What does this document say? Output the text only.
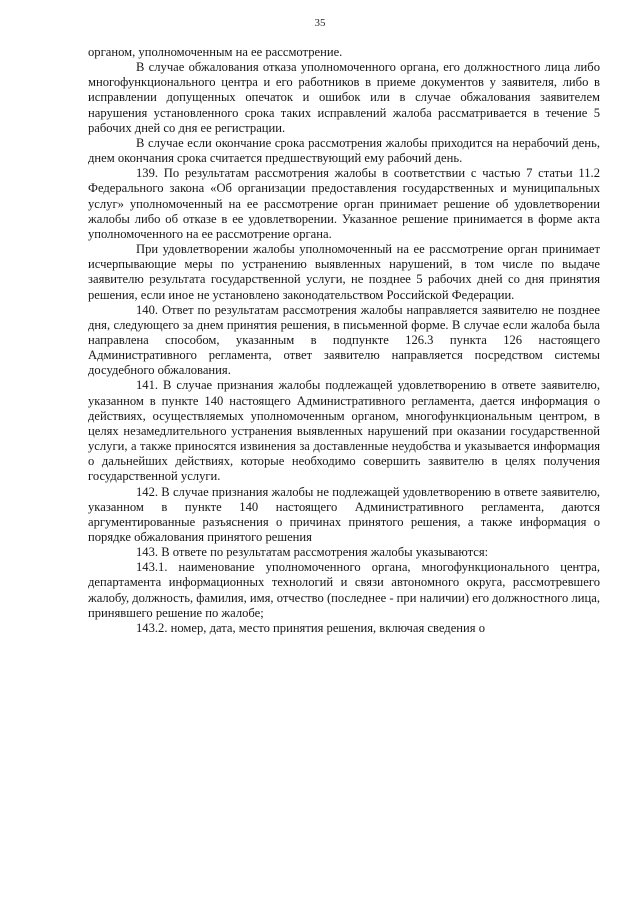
35

органом, уполномоченным на ее рассмотрение.

В случае обжалования отказа уполномоченного органа, его должностного лица либо многофункционального центра и его работников в приеме документов у заявителя, либо в исправлении допущенных опечаток и ошибок или в случае обжалования заявителем нарушения установленного срока таких исправлений жалоба рассматривается в течение 5 рабочих дней со дня ее регистрации.

В случае если окончание срока рассмотрения жалобы приходится на нерабочий день, днем окончания срока считается предшествующий ему рабочий день.

139. По результатам рассмотрения жалобы в соответствии с частью 7 статьи 11.2 Федерального закона «Об организации предоставления государственных и муниципальных услуг» уполномоченный на ее рассмотрение орган принимает решение об удовлетворении жалобы либо об отказе в ее удовлетворении. Указанное решение принимается в форме акта уполномоченного на ее рассмотрение органа.

При удовлетворении жалобы уполномоченный на ее рассмотрение орган принимает исчерпывающие меры по устранению выявленных нарушений, в том числе по выдаче заявителю результата государственной услуги, не позднее 5 рабочих дней со дня принятия решения, если иное не установлено законодательством Российской Федерации.

140. Ответ по результатам рассмотрения жалобы направляется заявителю не позднее дня, следующего за днем принятия решения, в письменной форме. В случае если жалоба была направлена способом, указанным в подпункте 126.3 пункта 126 настоящего Административного регламента, ответ заявителю направляется посредством системы досудебного обжалования.

141. В случае признания жалобы подлежащей удовлетворению в ответе заявителю, указанном в пункте 140 настоящего Административного регламента, дается информация о действиях, осуществляемых уполномоченным органом, многофункциональным центром, в целях незамедлительного устранения выявленных нарушений при оказании государственной услуги, а также приносятся извинения за доставленные неудобства и указывается информация о дальнейших действиях, которые необходимо совершить заявителю в целях получения государственной услуги.

142. В случае признания жалобы не подлежащей удовлетворению в ответе заявителю, указанном в пункте 140 настоящего Административного регламента, даются аргументированные разъяснения о причинах принятого решения, а также информация о порядке обжалования принятого решения

143. В ответе по результатам рассмотрения жалобы указываются:

143.1. наименование уполномоченного органа, многофункционального центра, департамента информационных технологий и связи автономного округа, рассмотревшего жалобу, должность, фамилия, имя, отчество (последнее - при наличии) его должностного лица, принявшего решение по жалобе;

143.2. номер, дата, место принятия решения, включая сведения о
